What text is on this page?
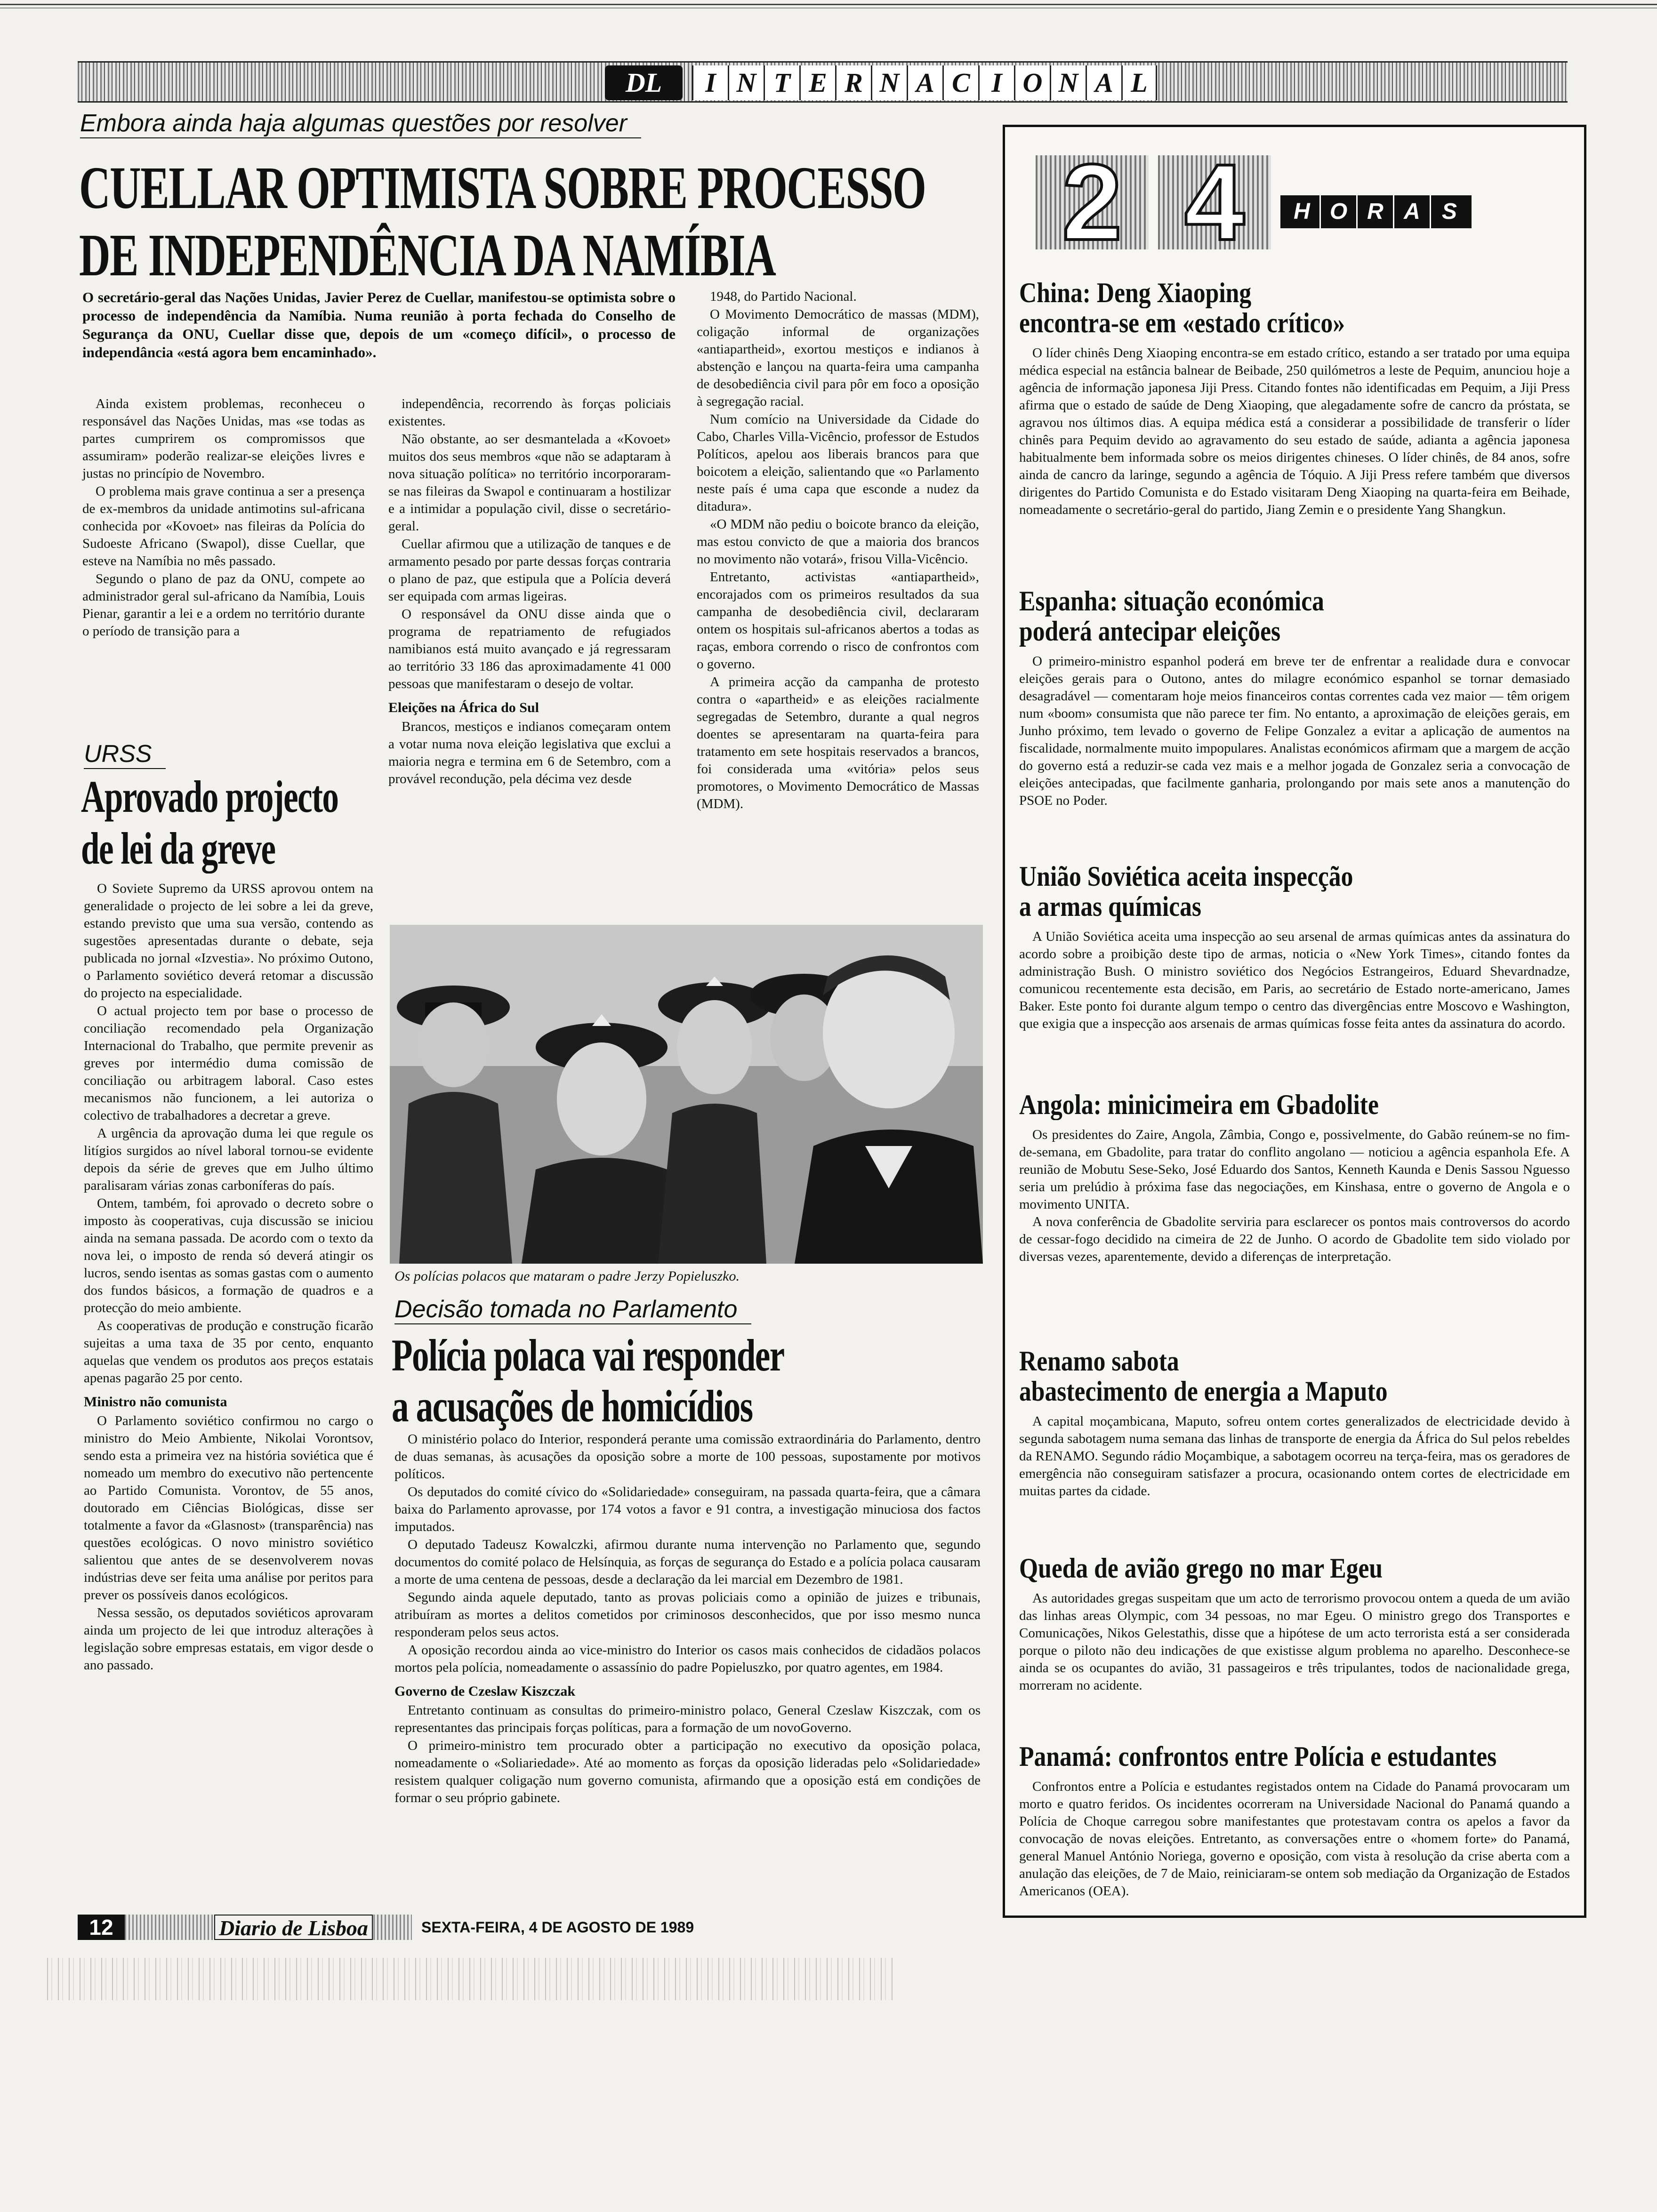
DL	I N T E R N A C I O N A L
Embora ainda haja algumas questões por resolver
CUELLAR OPTIMISTA SOBRE PROCESSO
DE INDEPENDÊNCIA DA NAMÍBIA
O secretário-geral das Nações Unidas, Javier Perez de Cuellar, manifestou-se optimista sobre o processo de independência da Namíbia. Numa reunião à porta fechada do Conselho de Segurança da ONU, Cuellar disse que, depois de um «começo difícil», o processo de independância «está agora bem encaminhado».

Ainda existem problemas, reconheceu o responsável das Nações Unidas, mas «se todas as partes cumprirem os compromissos que assumiram» poderão realizar-se eleições livres e justas no princípio de Novembro.

O problema mais grave continua a ser a presença de ex-membros da unidade antimotins sul-africana conhecida por «Kovoet» nas fileiras da Polícia do Sudoeste Africano (Swapol), disse Cuellar, que esteve na Namíbia no mês passado.

Segundo o plano de paz da ONU, compete ao administrador geral sul-africano da Namíbia, Louis Pienar, garantir a lei e a ordem no território durante o período de transição para a

independência, recorrendo às forças policiais existentes.

Não obstante, ao ser desmantelada a «Kovoet» muitos dos seus membros «que não se adaptaram à nova situação política» no território incorporaram-se nas fileiras da Swapol e continuaram a hostilizar e a intimidar a população civil, disse o secretário-geral.

Cuellar afirmou que a utilização de tanques e de armamento pesado por parte dessas forças contraria o plano de paz, que estipula que a Polícia deverá ser equipada com armas ligeiras.

O responsável da ONU disse ainda que o programa de repatriamento de refugiados namibianos está muito avançado e já regressaram ao território 33 186 das aproximadamente 41 000 pessoas que manifestaram o desejo de voltar.

Eleições na África do Sul

Brancos, mestiços e indianos começaram ontem a votar numa nova eleição legislativa que exclui a maioria negra e termina em 6 de Setembro, com a provável recondução, pela décima vez desde

1948, do Partido Nacional.

O Movimento Democrático de massas (MDM), coligação informal de organizações «antiapartheid», exortou mestiços e indianos à abstenção e lançou na quarta-feira uma campanha de desobediência civil para pôr em foco a oposição à segregação racial.

Num comício na Universidade da Cidade do Cabo, Charles Villa-Vicêncio, professor de Estudos Políticos, apelou aos liberais brancos para que boicotem a eleição, salientando que «o Parlamento neste país é uma capa que esconde a nudez da ditadura».

«O MDM não pediu o boicote branco da eleição, mas estou convicto de que a maioria dos brancos no movimento não votará», frisou Villa-Vicêncio.

Entretanto, activistas «antiapartheid», encorajados com os primeiros resultados da sua campanha de desobediência civil, declararam ontem os hospitais sul-africanos abertos a todas as raças, embora correndo o risco de confrontos com o governo.

A primeira acção da campanha de protesto contra o «apartheid» e as eleições racialmente segregadas de Setembro, durante a qual negros doentes se apresentaram na quarta-feira para tratamento em sete hospitais reservados a brancos, foi considerada uma «vitória» pelos seus promotores, o Movimento Democrático de Massas (MDM).

URSS
Aprovado projecto
de lei da greve

O Soviete Supremo da URSS aprovou ontem na generalidade o projecto de lei sobre a lei da greve, estando previsto que uma sua versão, contendo as sugestões apresentadas durante o debate, seja publicada no jornal «Izvestia». No próximo Outono, o Parlamento soviético deverá retomar a discussão do projecto na especialidade.

O actual projecto tem por base o processo de conciliação recomendado pela Organização Internacional do Trabalho, que permite prevenir as greves por intermédio duma comissão de conciliação ou arbitragem laboral. Caso estes mecanismos não funcionem, a lei autoriza o colectivo de trabalhadores a decretar a greve.

A urgência da aprovação duma lei que regule os litígios surgidos ao nível laboral tornou-se evidente depois da série de greves que em Julho último paralisaram várias zonas carboníferas do país.

Ontem, também, foi aprovado o decreto sobre o imposto às cooperativas, cuja discussão se iniciou ainda na semana passada. De acordo com o texto da nova lei, o imposto de renda só deverá atingir os lucros, sendo isentas as somas gastas com o aumento dos fundos básicos, a formação de quadros e a protecção do meio ambiente.

As cooperativas de produção e construção ficarão sujeitas a uma taxa de 35 por cento, enquanto aquelas que vendem os produtos aos preços estatais apenas pagarão 25 por cento.

Ministro não comunista

O Parlamento soviético confirmou no cargo o ministro do Meio Ambiente, Nikolai Vorontsov, sendo esta a primeira vez na história soviética que é nomeado um membro do executivo não pertencente ao Partido Comunista. Vorontov, de 55 anos, doutorado em Ciências Biológicas, disse ser totalmente a favor da «Glasnost» (transparência) nas questões ecológicas. O novo ministro soviético salientou que antes de se desenvolverem novas indústrias deve ser feita uma análise por peritos para prever os possíveis danos ecológicos.

Nessa sessão, os deputados soviéticos aprovaram ainda um projecto de lei que introduz alterações à legislação sobre empresas estatais, em vigor desde o ano passado.

Os polícias polacos que mataram o padre Jerzy Popieluszko.
Decisão tomada no Parlamento
Polícia polaca vai responder
a acusações de homicídios

O ministério polaco do Interior, responderá perante uma comissão extraordinária do Parlamento, dentro de duas semanas, às acusações da oposição sobre a morte de 100 pessoas, supostamente por motivos políticos.

Os deputados do comité cívico do «Solidariedade» conseguiram, na passada quarta-feira, que a câmara baixa do Parlamento aprovasse, por 174 votos a favor e 91 contra, a investigação minuciosa dos factos imputados.

O deputado Tadeusz Kowalczki, afirmou durante numa intervenção no Parlamento que, segundo documentos do comité polaco de Helsínquia, as forças de segurança do Estado e a polícia polaca causaram a morte de uma centena de pessoas, desde a declaração da lei marcial em Dezembro de 1981.

Segundo ainda aquele deputado, tanto as provas policiais como a opinião de juizes e tribunais, atribuíram as mortes a delitos cometidos por criminosos desconhecidos, que por isso mesmo nunca responderam pelos seus actos.

A oposição recordou ainda ao vice-ministro do Interior os casos mais conhecidos de cidadãos polacos mortos pela polícia, nomeadamente o assassínio do padre Popieluszko, por quatro agentes, em 1984.

Governo de Czeslaw Kiszczak

Entretanto continuam as consultas do primeiro-ministro polaco, General Czeslaw Kiszczak, com os representantes das principais forças políticas, para a formação de um novoGoverno.

O primeiro-ministro tem procurado obter a participação no executivo da oposição polaca, nomeadamente o «Soliariedade». Até ao momento as forças da oposição lideradas pelo «Solidariedade» resistem qualquer coligação num governo comunista, afirmando que a oposição está em condições de formar o seu próprio gabinete.

2 4	H O R A S
China: Deng Xiaoping
encontra-se em «estado crítico»

O líder chinês Deng Xiaoping encontra-se em estado crítico, estando a ser tratado por uma equipa médica especial na estância balnear de Beibade, 250 quilómetros a leste de Pequim, anunciou hoje a agência de informação japonesa Jiji Press. Citando fontes não identificadas em Pequim, a Jiji Press afirma que o estado de saúde de Deng Xiaoping, que alegadamente sofre de cancro da próstata, se agravou nos últimos dias. A equipa médica está a considerar a possibilidade de transferir o líder chinês para Pequim devido ao agravamento do seu estado de saúde, adianta a agência japonesa habitualmente bem informada sobre os meios dirigentes chineses. O líder chinês, de 84 anos, sofre ainda de cancro da laringe, segundo a agência de Tóquio. A Jiji Press refere também que diversos dirigentes do Partido Comunista e do Estado visitaram Deng Xiaoping na quarta-feira em Beihade, nomeadamente o secretário-geral do partido, Jiang Zemin e o presidente Yang Shangkun.

Espanha: situação económica
poderá antecipar eleições

O primeiro-ministro espanhol poderá em breve ter de enfrentar a realidade dura e convocar eleições gerais para o Outono, antes do milagre económico espanhol se tornar demasiado desagradável — comentaram hoje meios financeiros contas correntes cada vez maior — têm origem num «boom» consumista que não parece ter fim. No entanto, a aproximação de eleições gerais, em Junho próximo, tem levado o governo de Felipe Gonzalez a evitar a aplicação de aumentos na fiscalidade, normalmente muito impopulares. Analistas económicos afirmam que a margem de acção do governo está a reduzir-se cada vez mais e a melhor jogada de Gonzalez seria a convocação de eleições antecipadas, que facilmente ganharia, prolongando por mais sete anos a manutenção do PSOE no Poder.

União Soviética aceita inspecção
a armas químicas

A União Soviética aceita uma inspecção ao seu arsenal de armas químicas antes da assinatura do acordo sobre a proibição deste tipo de armas, noticia o «New York Times», citando fontes da administração Bush. O ministro soviético dos Negócios Estrangeiros, Eduard Shevardnadze, comunicou recentemente esta decisão, em Paris, ao secretário de Estado norte-americano, James Baker. Este ponto foi durante algum tempo o centro das divergências entre Moscovo e Washington, que exigia que a inspecção aos arsenais de armas químicas fosse feita antes da assinatura do acordo.

Angola: minicimeira em Gbadolite

Os presidentes do Zaire, Angola, Zâmbia, Congo e, possivelmente, do Gabão reúnem-se no fim-de-semana, em Gbadolite, para tratar do conflito angolano — noticiou a agência espanhola Efe. A reunião de Mobutu Sese-Seko, José Eduardo dos Santos, Kenneth Kaunda e Denis Sassou Nguesso seria um prelúdio à próxima fase das negociações, em Kinshasa, entre o governo de Angola e o movimento UNITA.

A nova conferência de Gbadolite serviria para esclarecer os pontos mais controversos do acordo de cessar-fogo decidido na cimeira de 22 de Junho. O acordo de Gbadolite tem sido violado por diversas vezes, aparentemente, devido a diferenças de interpretação.

Renamo sabota
abastecimento de energia a Maputo

A capital moçambicana, Maputo, sofreu ontem cortes generalizados de electricidade devido à segunda sabotagem numa semana das linhas de transporte de energia da África do Sul pelos rebeldes da RENAMO. Segundo rádio Moçambique, a sabotagem ocorreu na terça-feira, mas os geradores de emergência não conseguiram satisfazer a procura, ocasionando ontem cortes de electricidade em muitas partes da cidade.

Queda de avião grego no mar Egeu

As autoridades gregas suspeitam que um acto de terrorismo provocou ontem a queda de um avião das linhas areas Olympic, com 34 pessoas, no mar Egeu. O ministro grego dos Transportes e Comunicações, Nikos Gelestathis, disse que a hipótese de um acto terrorista está a ser considerada porque o piloto não deu indicações de que existisse algum problema no aparelho. Desconhece-se ainda se os ocupantes do avião, 31 passageiros e três tripulantes, todos de nacionalidade grega, morreram no acidente.

Panamá: confrontos entre Polícia e estudantes

Confrontos entre a Polícia e estudantes registados ontem na Cidade do Panamá provocaram um morto e quatro feridos. Os incidentes ocorreram na Universidade Nacional do Panamá quando a Polícia de Choque carregou sobre manifestantes que protestavam contra os apelos a favor da convocação de novas eleições. Entretanto, as conversações entre o «homem forte» do Panamá, general Manuel António Noriega, governo e oposição, com vista à resolução da crise aberta com a anulação das eleições, de 7 de Maio, reiniciaram-se ontem sob mediação da Organização de Estados Americanos (OEA).

12	Diario de Lisboa	SEXTA-FEIRA, 4 DE AGOSTO DE 1989
